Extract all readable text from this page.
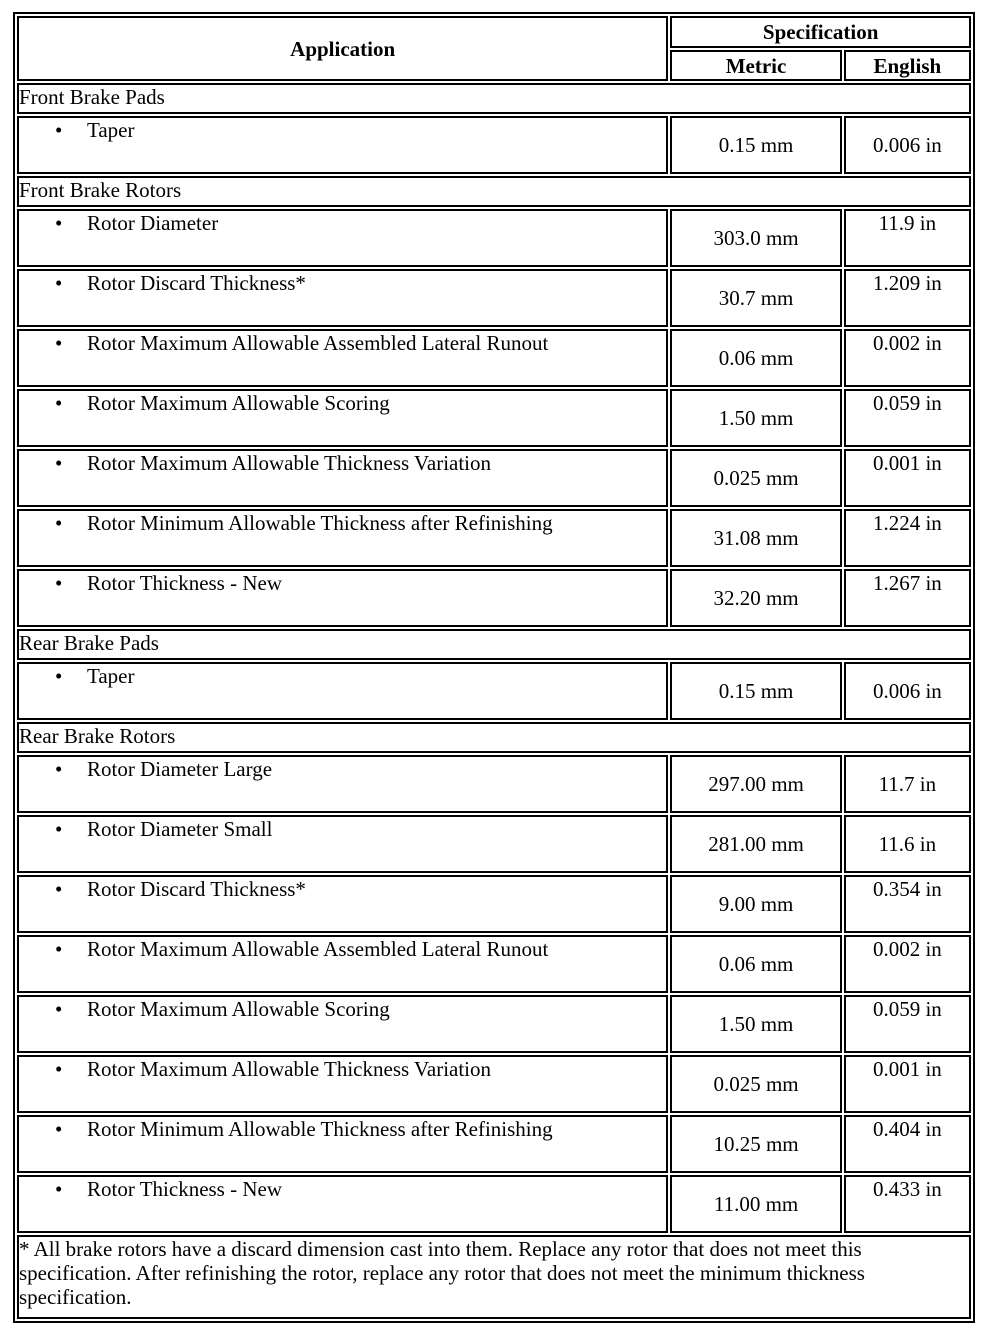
Application	Specification	
	Metric	English
Front Brake Pads		
• Taper	0.15 mm	0.006 in
Front Brake Rotors		
• Rotor Diameter	303.0 mm	11.9 in
• Rotor Discard Thickness*	30.7 mm	1.209 in
• Rotor Maximum Allowable Assembled Lateral Runout	0.06 mm	0.002 in
• Rotor Maximum Allowable Scoring	1.50 mm	0.059 in
• Rotor Maximum Allowable Thickness Variation	0.025 mm	0.001 in
• Rotor Minimum Allowable Thickness after Refinishing	31.08 mm	1.224 in
• Rotor Thickness - New	32.20 mm	1.267 in
Rear Brake Pads		
• Taper	0.15 mm	0.006 in
Rear Brake Rotors		
• Rotor Diameter Large	297.00 mm	11.7 in
• Rotor Diameter Small	281.00 mm	11.6 in
• Rotor Discard Thickness*	9.00 mm	0.354 in
• Rotor Maximum Allowable Assembled Lateral Runout	0.06 mm	0.002 in
• Rotor Maximum Allowable Scoring	1.50 mm	0.059 in
• Rotor Maximum Allowable Thickness Variation	0.025 mm	0.001 in
• Rotor Minimum Allowable Thickness after Refinishing	10.25 mm	0.404 in
• Rotor Thickness - New	11.00 mm	0.433 in
* All brake rotors have a discard dimension cast into them. Replace any rotor that does not meet this specification. After refinishing the rotor, replace any rotor that does not meet the minimum thickness specification.		
